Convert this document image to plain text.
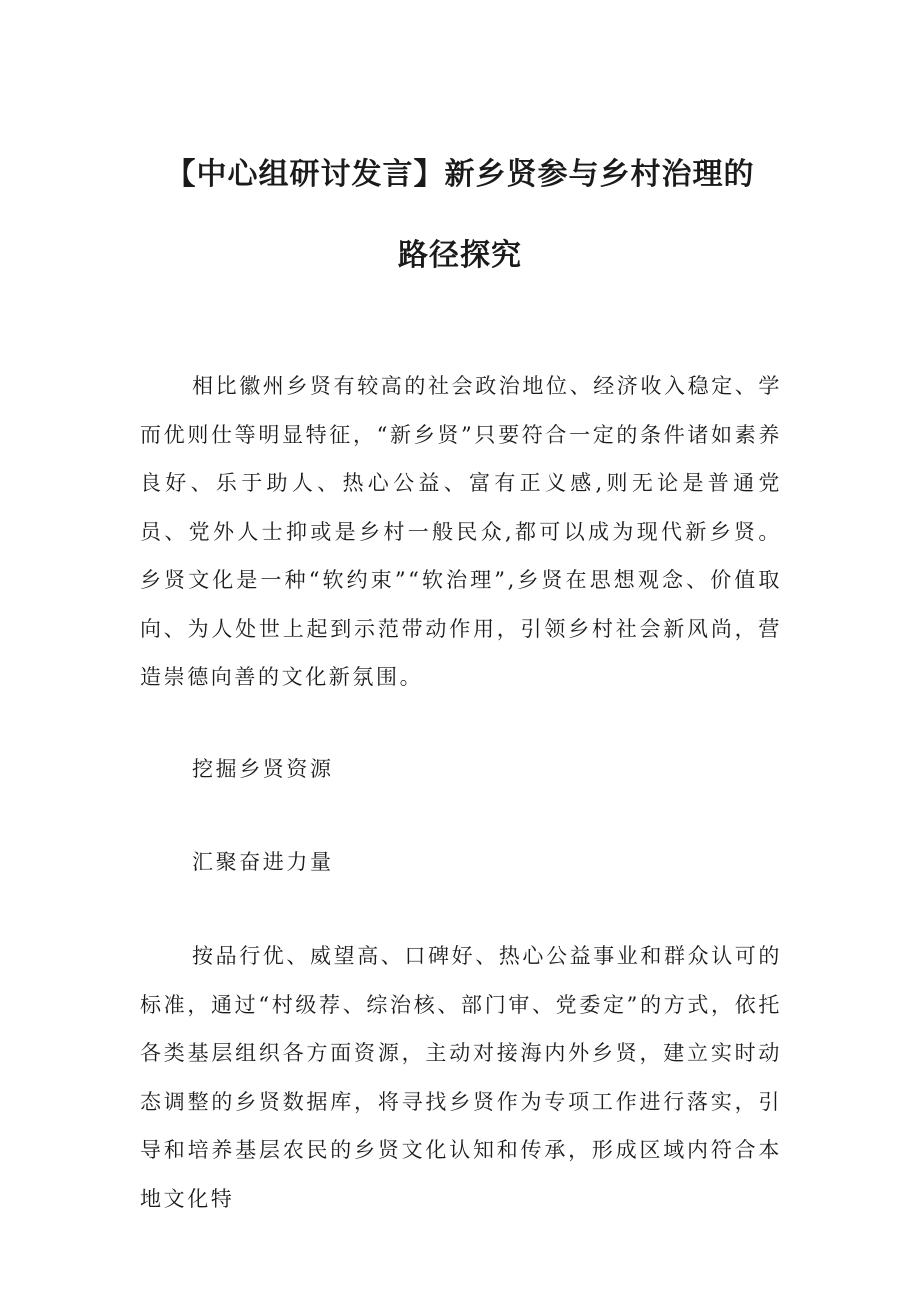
【中心组研讨发言】新乡贤参与乡村治理的
路径探究

相比徽州乡贤有较高的社会政治地位、经济收入稳定、学而优则仕等明显特征，“新乡贤”只要符合一定的条件诸如素养良好、乐于助人、热心公益、富有正义感,则无论是普通党员、党外人士抑或是乡村一般民众,都可以成为现代新乡贤。乡贤文化是一种“软约束”“软治理”,乡贤在思想观念、价值取向、为人处世上起到示范带动作用，引领乡村社会新风尚，营造崇德向善的文化新氛围。

挖掘乡贤资源

汇聚奋进力量

按品行优、威望高、口碑好、热心公益事业和群众认可的标准，通过“村级荐、综治核、部门审、党委定”的方式，依托各类基层组织各方面资源，主动对接海内外乡贤，建立实时动态调整的乡贤数据库，将寻找乡贤作为专项工作进行落实，引导和培养基层农民的乡贤文化认知和传承，形成区域内符合本地文化特
